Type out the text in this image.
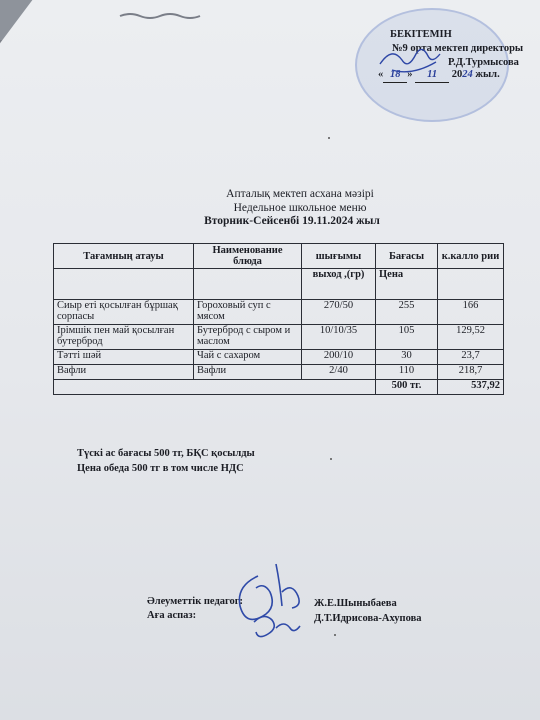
БЕКІТЕМІН
№9 орта мектеп директоры
Р.Д.Турмысова
« 18 » 11 2024 жыл.
Апталық мектеп асхана мәзірі
Недельное школьное меню
Вторник-Сейсенбі 19.11.2024 жыл
Тағамның атауы	Наименование блюда	шығымы	Бағасы	к.калло рии
		выход ,(гр)	Цена	
Сиыр еті қосылған бұршақ сорпасы	Гороховый суп с мясом	270/50	255	166
Ірімшік пен май қосылған бутерброд	Бутерброд с сыром и маслом	10/10/35	105	129,52
Тәтті шәй	Чай с сахаром	200/10	30	23,7
Вафли	Вафли	2/40	110	218,7
			500 тг.	537,92
Түскі ас бағасы 500 тг, БҚС қосылды
Цена обеда 500 тг в том числе НДС
Әлеуметтік педагог:	Ж.Е.Шыныбаева
Аға аспаз:	Д.Т.Идрисова-Ахупова
